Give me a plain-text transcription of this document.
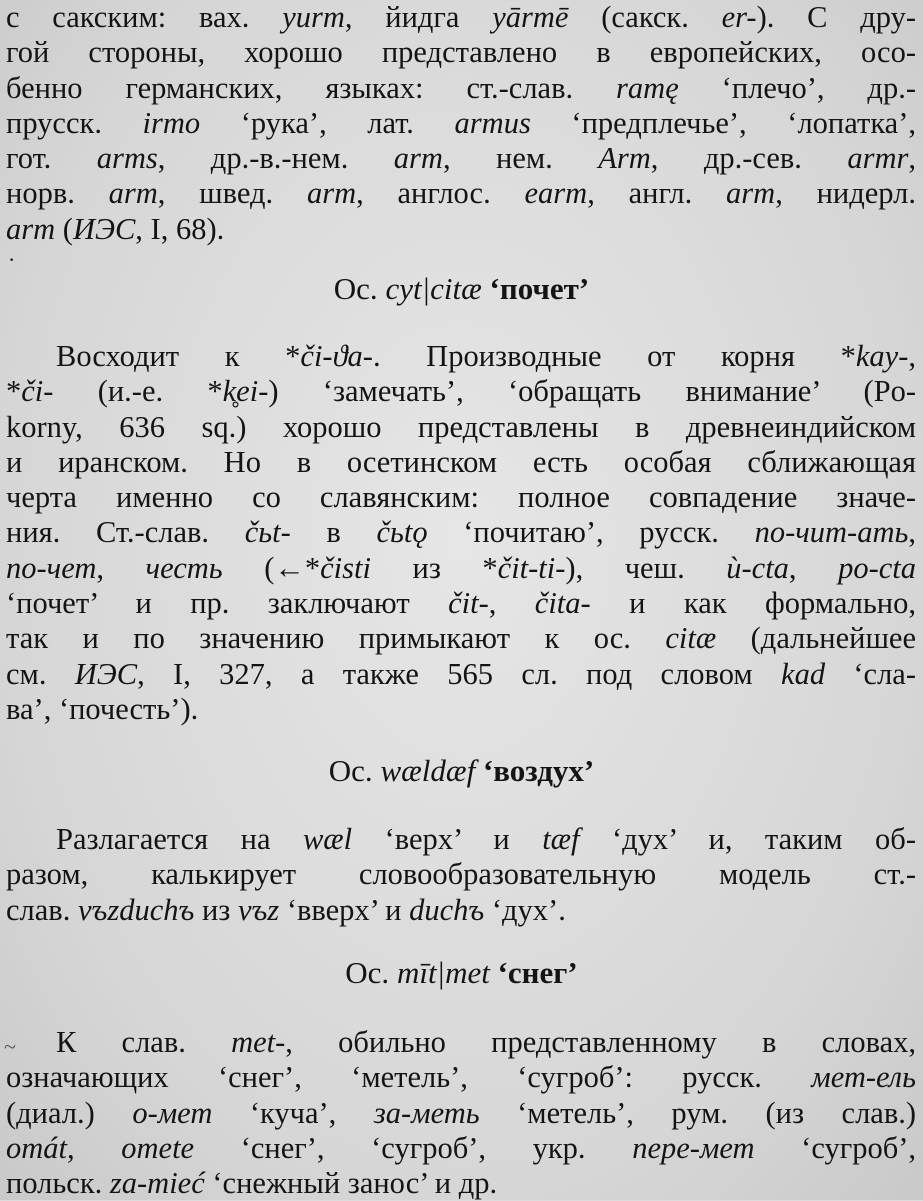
с сакским: вах. yurm, йидга yārmē (сакск. er-). С дру-
гой стороны, хорошо представлено в европейских, осо-
бенно германских, языках: ст.-слав. ramę ‘плечо’, др.-
прусск. irmo ‘рука’, лат. armus ‘предплечье’, ‘лопатка’,
гот. arms, др.-в.-нем. arm, нем. Arm, др.-сев. armr,
норв. arm, швед. arm, англос. earm, англ. arm, нидерл.
arm (ИЭС, I, 68).
·
Ос. cyt|citæ ‘почет’
Восходит к *či-ϑa-. Производные от корня *kay-,
*či- (и.-е. *k̥ei-) ‘замечать’, ‘обращать внимание’ (Po-
korny, 636 sq.) хорошо представлены в древнеиндийском
и иранском. Но в осетинском есть особая сближающая
черта именно со славянским: полное совпадение значе-
ния. Ст.-слав. čьt- в čьtǫ ‘почитаю’, русск. по-чит-ать,
по-чет, честь (←*čisti из *čit-ti-), чеш. ù-cta, po-cta
‘почет’ и пр. заключают čit-, čita- и как формально,
так и по значению примыкают к ос. citæ (дальнейшее
см. ИЭС, I, 327, а также 565 сл. под словом kad ‘сла-
ва’, ‘почесть’).
Ос. wældæf ‘воздух’
Разлагается на wæl ‘верх’ и tæf ‘дух’ и, таким об-
разом, калькирует словообразовательную модель ст.-
слав. vъzduchъ из vъz ‘вверх’ и duchъ ‘дух’.
Ос. mīt|met ‘снег’
~	К слав. met-, обильно представленному в словах,
означающих ‘снег’, ‘метель’, ‘сугроб’: русск. мет-ель
(диал.) о-мет ‘куча’, за-меть ‘метель’, рум. (из слав.)
omát, omete ‘снег’, ‘сугроб’, укр. пере-мет ‘сугроб’,
польск. za-mieć ‘снежный занос’ и др.
